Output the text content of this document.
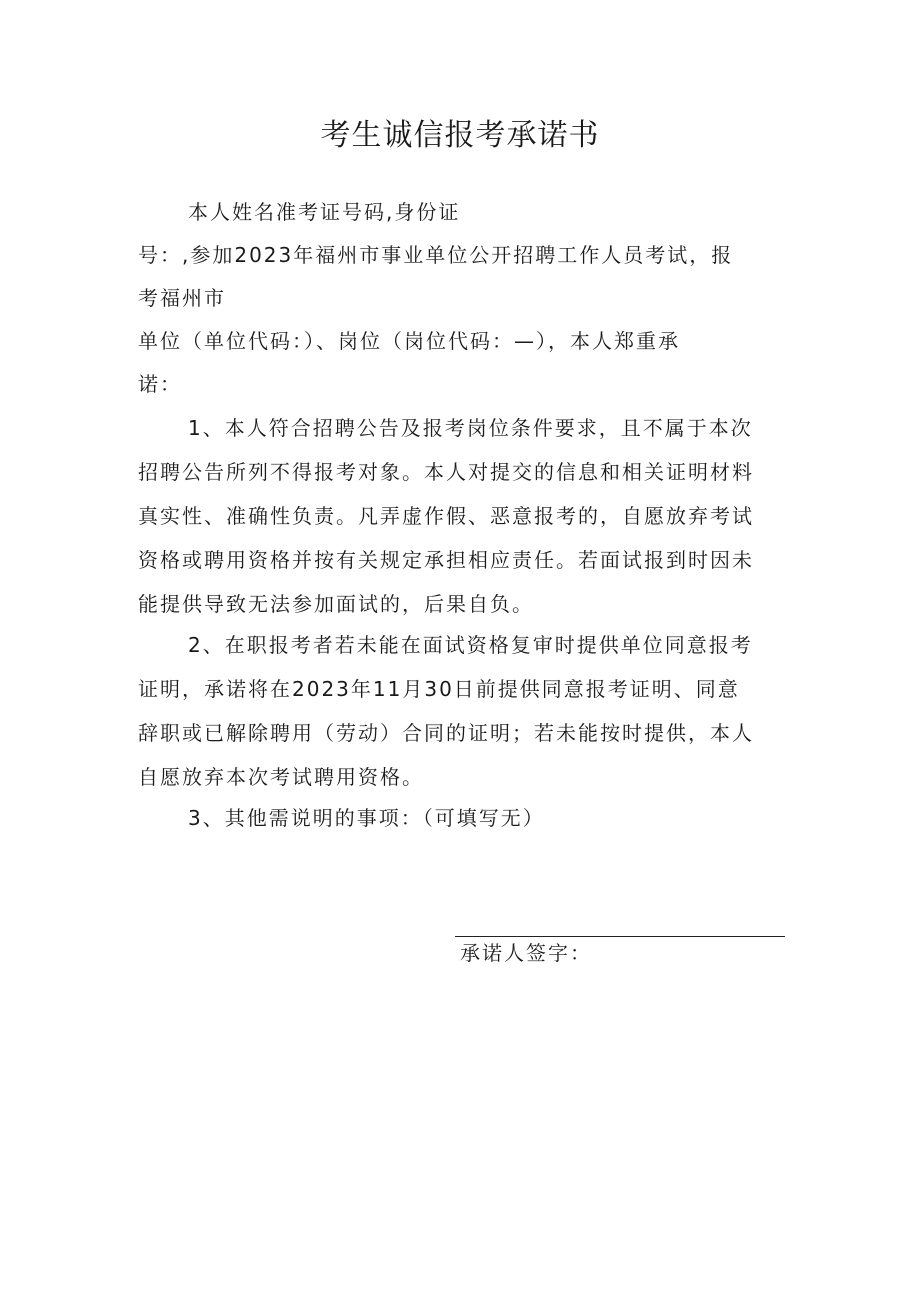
考生诚信报考承诺书

本人姓名准考证号码,身份证

号：,参加2023年福州市事业单位公开招聘工作人员考试，报

考福州市

单位（单位代码：）、岗位（岗位代码：—），本人郑重承

诺：

1、本人符合招聘公告及报考岗位条件要求，且不属于本次

招聘公告所列不得报考对象。本人对提交的信息和相关证明材料

真实性、准确性负责。凡弄虚作假、恶意报考的，自愿放弃考试

资格或聘用资格并按有关规定承担相应责任。若面试报到时因未

能提供导致无法参加面试的，后果自负。

2、在职报考者若未能在面试资格复审时提供单位同意报考

证明，承诺将在2023年11月30日前提供同意报考证明、同意

辞职或已解除聘用（劳动）合同的证明；若未能按时提供，本人

自愿放弃本次考试聘用资格。

3、其他需说明的事项：（可填写无）

承诺人签字：
